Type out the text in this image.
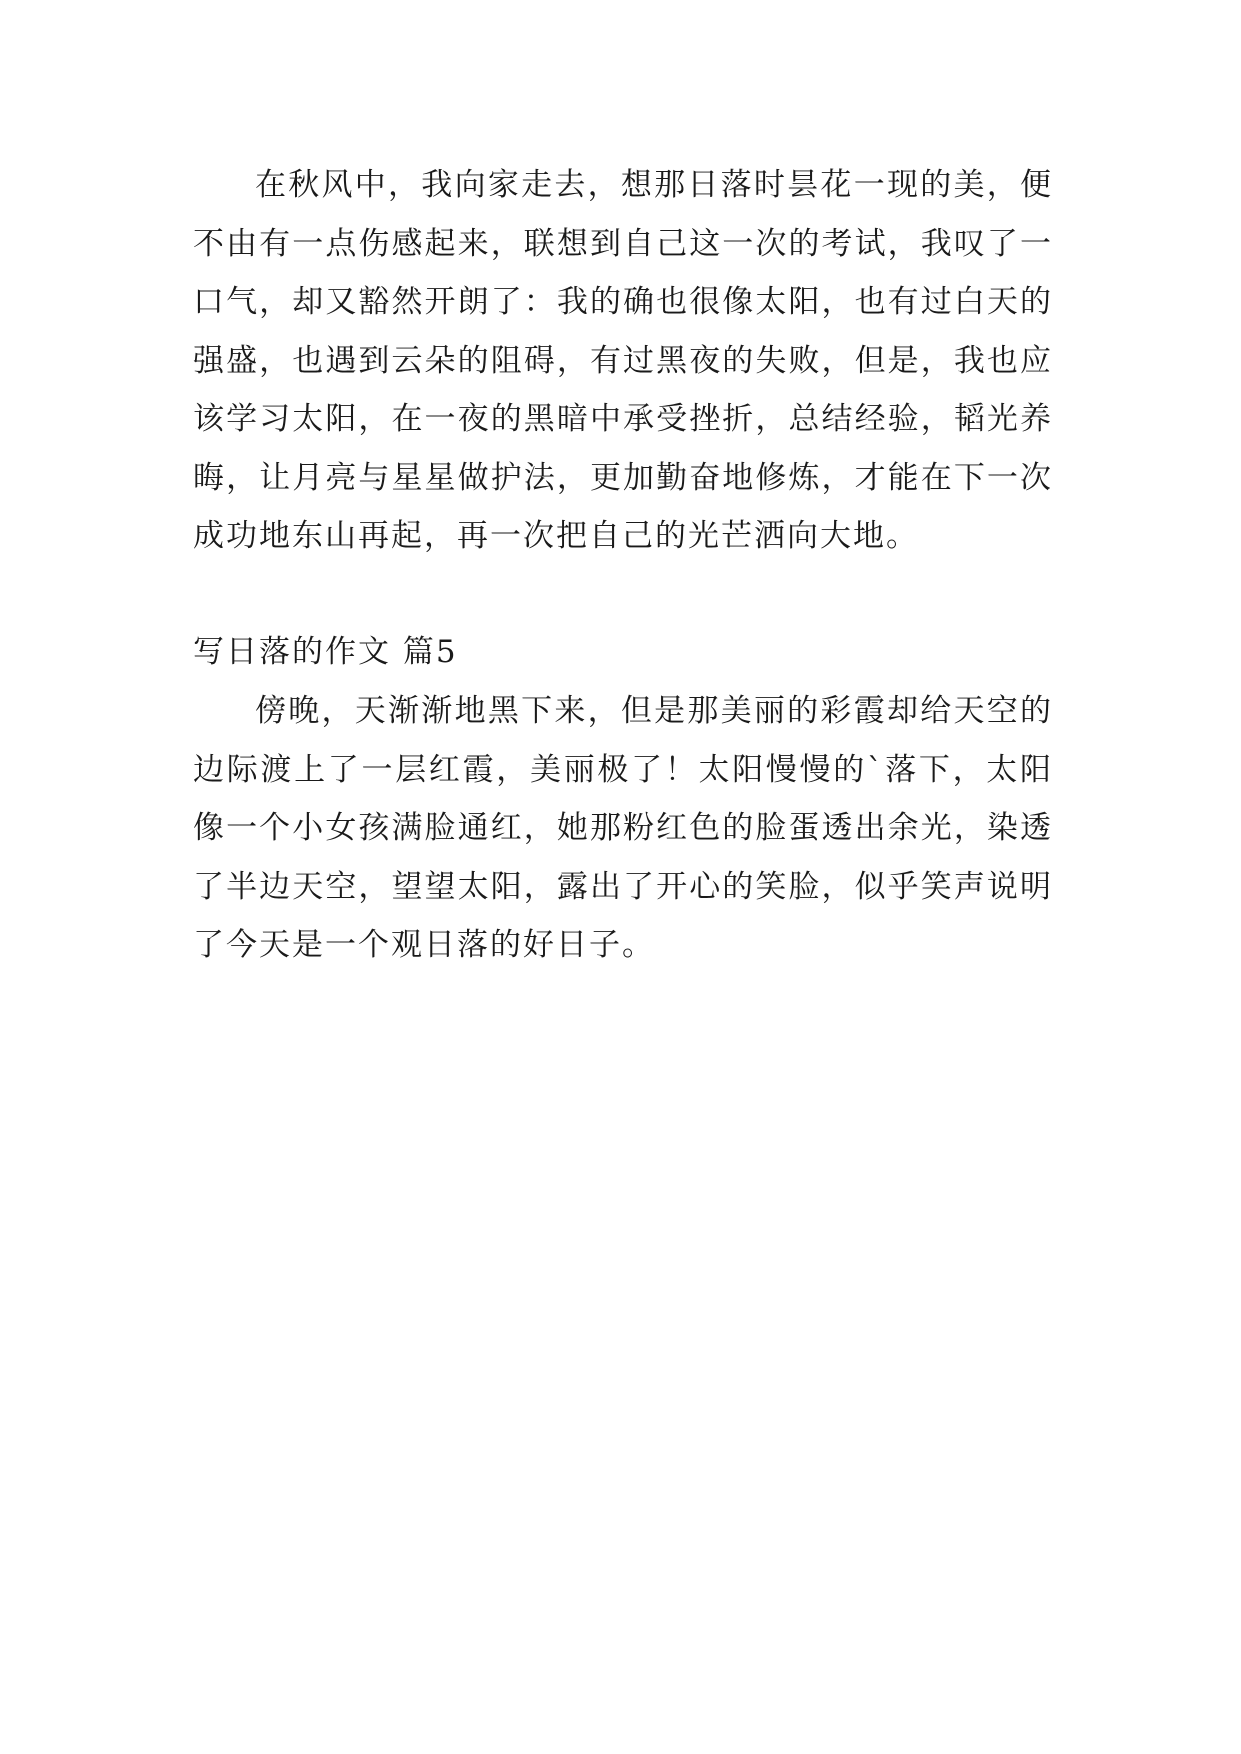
在秋风中，我向家走去，想那日落时昙花一现的美，便
不由有一点伤感起来，联想到自己这一次的考试，我叹了一
口气，却又豁然开朗了：我的确也很像太阳，也有过白天的
强盛，也遇到云朵的阻碍，有过黑夜的失败，但是，我也应
该学习太阳，在一夜的黑暗中承受挫折，总结经验，韬光养
晦，让月亮与星星做护法，更加勤奋地修炼，才能在下一次
成功地东山再起，再一次把自己的光芒洒向大地。
写日落的作文 篇5
傍晚，天渐渐地黑下来，但是那美丽的彩霞却给天空的
边际渡上了一层红霞，美丽极了！太阳慢慢的`落下，太阳
像一个小女孩满脸通红，她那粉红色的脸蛋透出余光，染透
了半边天空，望望太阳，露出了开心的笑脸，似乎笑声说明
了今天是一个观日落的好日子。
